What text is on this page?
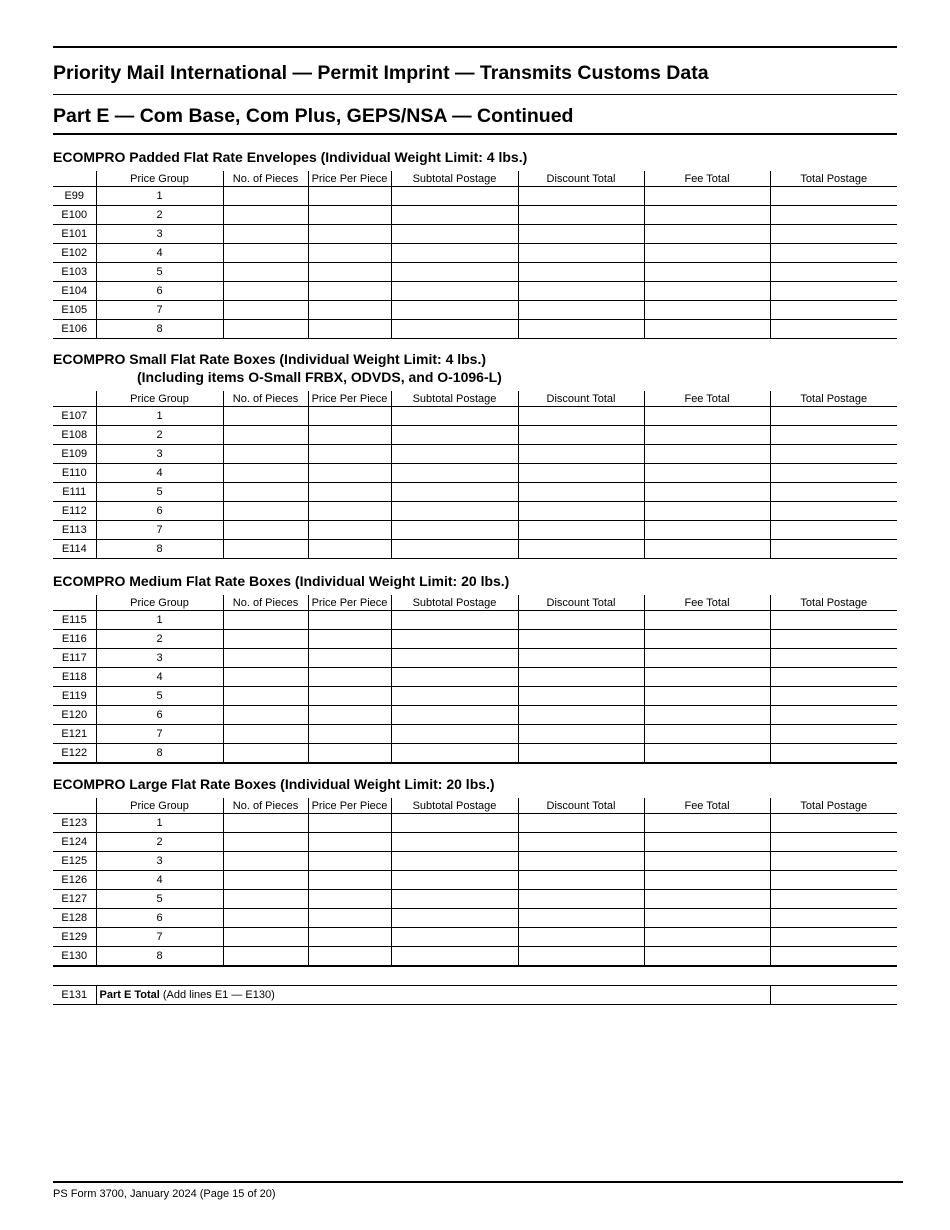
Priority Mail International — Permit Imprint — Transmits Customs Data
Part E — Com Base, Com Plus, GEPS/NSA — Continued
ECOMPRO Padded Flat Rate Envelopes (Individual Weight Limit: 4 lbs.)
	Price Group	No. of Pieces	Price Per Piece	Subtotal Postage	Discount Total	Fee Total	Total Postage
E99	1						
E100	2						
E101	3						
E102	4						
E103	5						
E104	6						
E105	7						
E106	8						
ECOMPRO Small Flat Rate Boxes (Individual Weight Limit: 4 lbs.)
(Including items O-Small FRBX, ODVDS, and O-1096-L)
	Price Group	No. of Pieces	Price Per Piece	Subtotal Postage	Discount Total	Fee Total	Total Postage
E107	1						
E108	2						
E109	3						
E110	4						
E111	5						
E112	6						
E113	7						
E114	8						
ECOMPRO Medium Flat Rate Boxes (Individual Weight Limit: 20 lbs.)
	Price Group	No. of Pieces	Price Per Piece	Subtotal Postage	Discount Total	Fee Total	Total Postage
E115	1						
E116	2						
E117	3						
E118	4						
E119	5						
E120	6						
E121	7						
E122	8						
ECOMPRO Large Flat Rate Boxes (Individual Weight Limit: 20 lbs.)
	Price Group	No. of Pieces	Price Per Piece	Subtotal Postage	Discount Total	Fee Total	Total Postage
E123	1						
E124	2						
E125	3						
E126	4						
E127	5						
E128	6						
E129	7						
E130	8						
E131	Part E Total (Add lines E1 — E130)	
PS Form 3700, January 2024 (Page 15 of 20)
